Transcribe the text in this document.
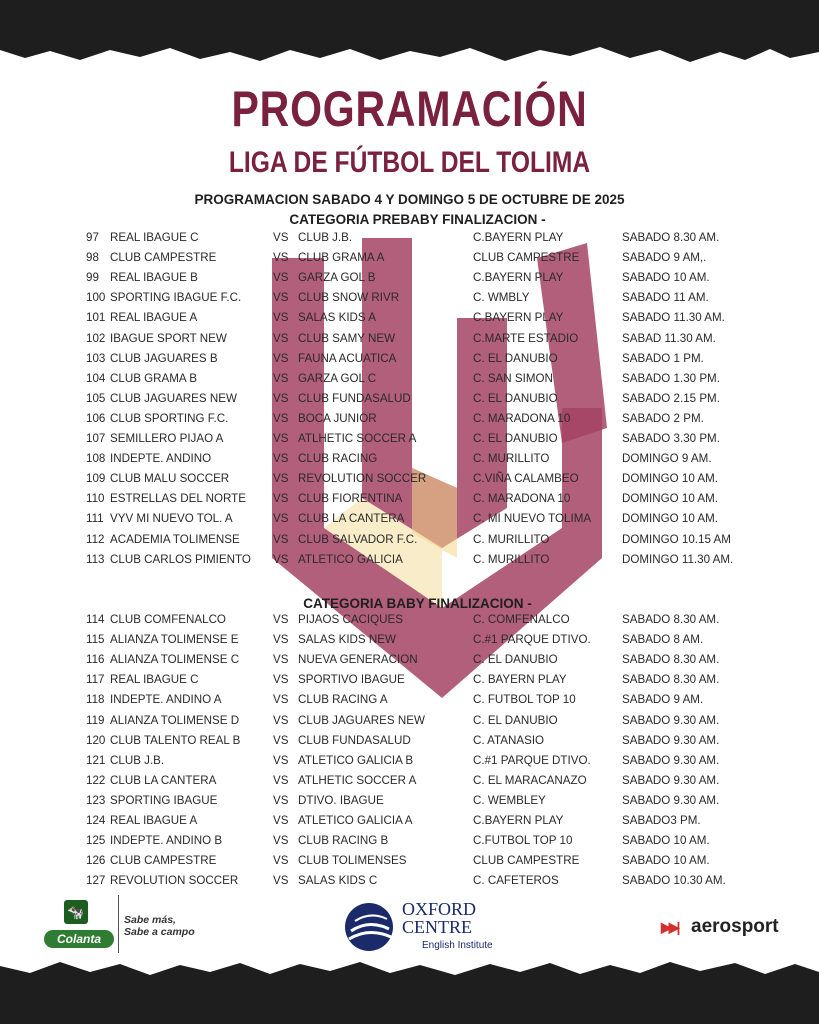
PROGRAMACIÓN
LIGA DE FÚTBOL DEL TOLIMA
PROGRAMACION SABADO 4 Y DOMINGO 5 DE OCTUBRE DE 2025
CATEGORIA PREBABY FINALIZACION -
97 REAL IBAGUE C	VS CLUB J.B.	C.BAYERN PLAY	SABADO 8.30 AM.
98 CLUB CAMPESTRE	VS CLUB GRAMA A	CLUB CAMPESTRE	SABADO 9 AM,.
99 REAL IBAGUE B	VS GARZA GOL B	C.BAYERN PLAY	SABADO 10 AM.
100 SPORTING IBAGUE F.C.	VS CLUB SNOW RIVR	C. WMBLY	SABADO 11 AM.
101 REAL IBAGUE A	VS SALAS KIDS A	C.BAYERN PLAY	SABADO 11.30 AM.
102 IBAGUE SPORT NEW	VS CLUB SAMY NEW	C.MARTE ESTADIO	SABAD 11.30 AM.
103 CLUB JAGUARES B	VS FAUNA ACUATICA	C. EL DANUBIO	SABADO 1 PM.
104 CLUB GRAMA B	VS GARZA GOL C	C. SAN SIMON	SABADO 1.30 PM.
105 CLUB JAGUARES NEW	VS CLUB FUNDASALUD	C. EL DANUBIO	SABADO 2.15 PM.
106 CLUB SPORTING F.C.	VS BOCA JUNIOR	C. MARADONA 10	SABADO 2 PM.
107 SEMILLERO PIJAO A	VS ATLHETIC SOCCER A	C. EL DANUBIO	SABADO 3.30 PM.
108 INDEPTE. ANDINO	VS CLUB RACING	C. MURILLITO	DOMINGO 9 AM.
109 CLUB MALU SOCCER	VS REVOLUTION SOCCER	C.VIÑA CALAMBEO	DOMINGO 10 AM.
110 ESTRELLAS DEL NORTE VS CLUB FIORENTINA	C. MARADONA 10	DOMINGO 10 AM.
111 VYV MI NUEVO TOL. A	VS CLUB LA CANTERA	C. MI NUEVO TOLIMA	DOMINGO 10 AM.
112 ACADEMIA TOLIMENSE	VS CLUB SALVADOR F.C.	C. MURILLITO	DOMINGO 10.15 AM
113 CLUB CARLOS PIMIENTO VS ATLETICO GALICIA	C. MURILLITO	DOMINGO 11.30 AM.
CATEGORIA BABY FINALIZACION -
114 CLUB COMFENALCO	VS PIJAOS CACIQUES	C. COMFENALCO	SABADO 8.30 AM.
115 ALIANZA TOLIMENSE E	VS SALAS KIDS NEW	C.#1 PARQUE DTIVO.	SABADO 8 AM.
116 ALIANZA TOLIMENSE C	VS NUEVA GENERACION	C. EL DANUBIO	SABADO 8.30 AM.
117 REAL IBAGUE C	VS SPORTIVO IBAGUE	C. BAYERN PLAY	SABADO 8.30 AM.
118 INDEPTE. ANDINO A	VS CLUB RACING A	C. FUTBOL TOP 10	SABADO 9 AM.
119 ALIANZA TOLIMENSE D	VS CLUB JAGUARES NEW	C. EL DANUBIO	SABADO 9.30 AM.
120 CLUB TALENTO REAL B	VS CLUB FUNDASALUD	C. ATANASIO	SABADO 9.30 AM.
121 CLUB J.B.	VS ATLETICO GALICIA B	C.#1 PARQUE DTIVO.	SABADO 9.30 AM.
122 CLUB LA CANTERA	VS ATLHETIC SOCCER A	C. EL MARACANAZO	SABADO 9.30 AM.
123 SPORTING IBAGUE	VS DTIVO. IBAGUE	C. WEMBLEY	SABADO 9.30 AM.
124 REAL IBAGUE A	VS ATLETICO GALICIA A	C.BAYERN PLAY	SABADO3 PM.
125 INDEPTE. ANDINO B	VS CLUB RACING B	C.FUTBOL TOP 10	SABADO 10 AM.
126 CLUB CAMPESTRE	VS CLUB TOLIMENSES	CLUB CAMPESTRE	SABADO 10 AM.
127 REVOLUTION SOCCER	VS SALAS KIDS C	C. CAFETEROS	SABADO 10.30 AM.
🐄
Colanta
Sabe más,
Sabe a campo
OXFORD
CENTRE
English Institute
▶▶| aerosport
